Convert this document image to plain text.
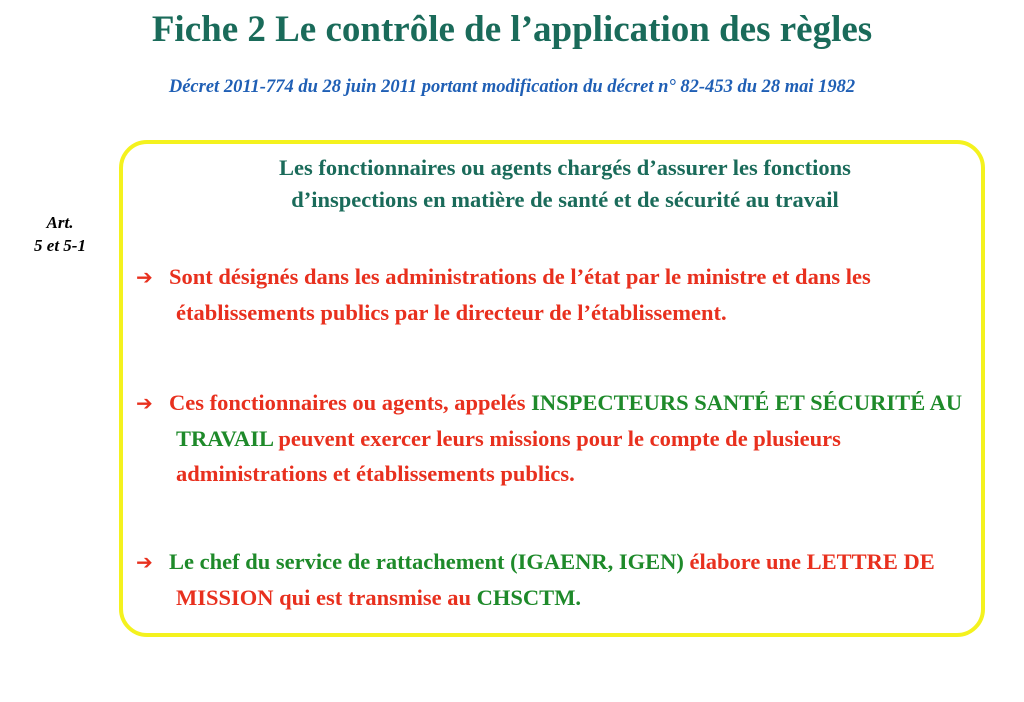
Fiche 2 Le contrôle de l’application des règles
Décret 2011-774 du 28 juin 2011 portant modification du décret n° 82-453 du 28 mai 1982
Art.
5 et 5-1
Les fonctionnaires ou agents chargés d’assurer les fonctions
d’inspections en matière de santé et de sécurité au travail
➔ Sont désignés dans les administrations de l’état par le ministre et dans les établissements publics par le directeur de l’établissement.
➔ Ces fonctionnaires ou agents, appelés INSPECTEURS SANTÉ ET SÉCURITÉ AU TRAVAIL peuvent exercer leurs missions pour le compte de plusieurs administrations et établissements publics.
➔ Le chef du service de rattachement (IGAENR, IGEN) élabore une LETTRE DE MISSION qui est transmise au CHSCTM.
